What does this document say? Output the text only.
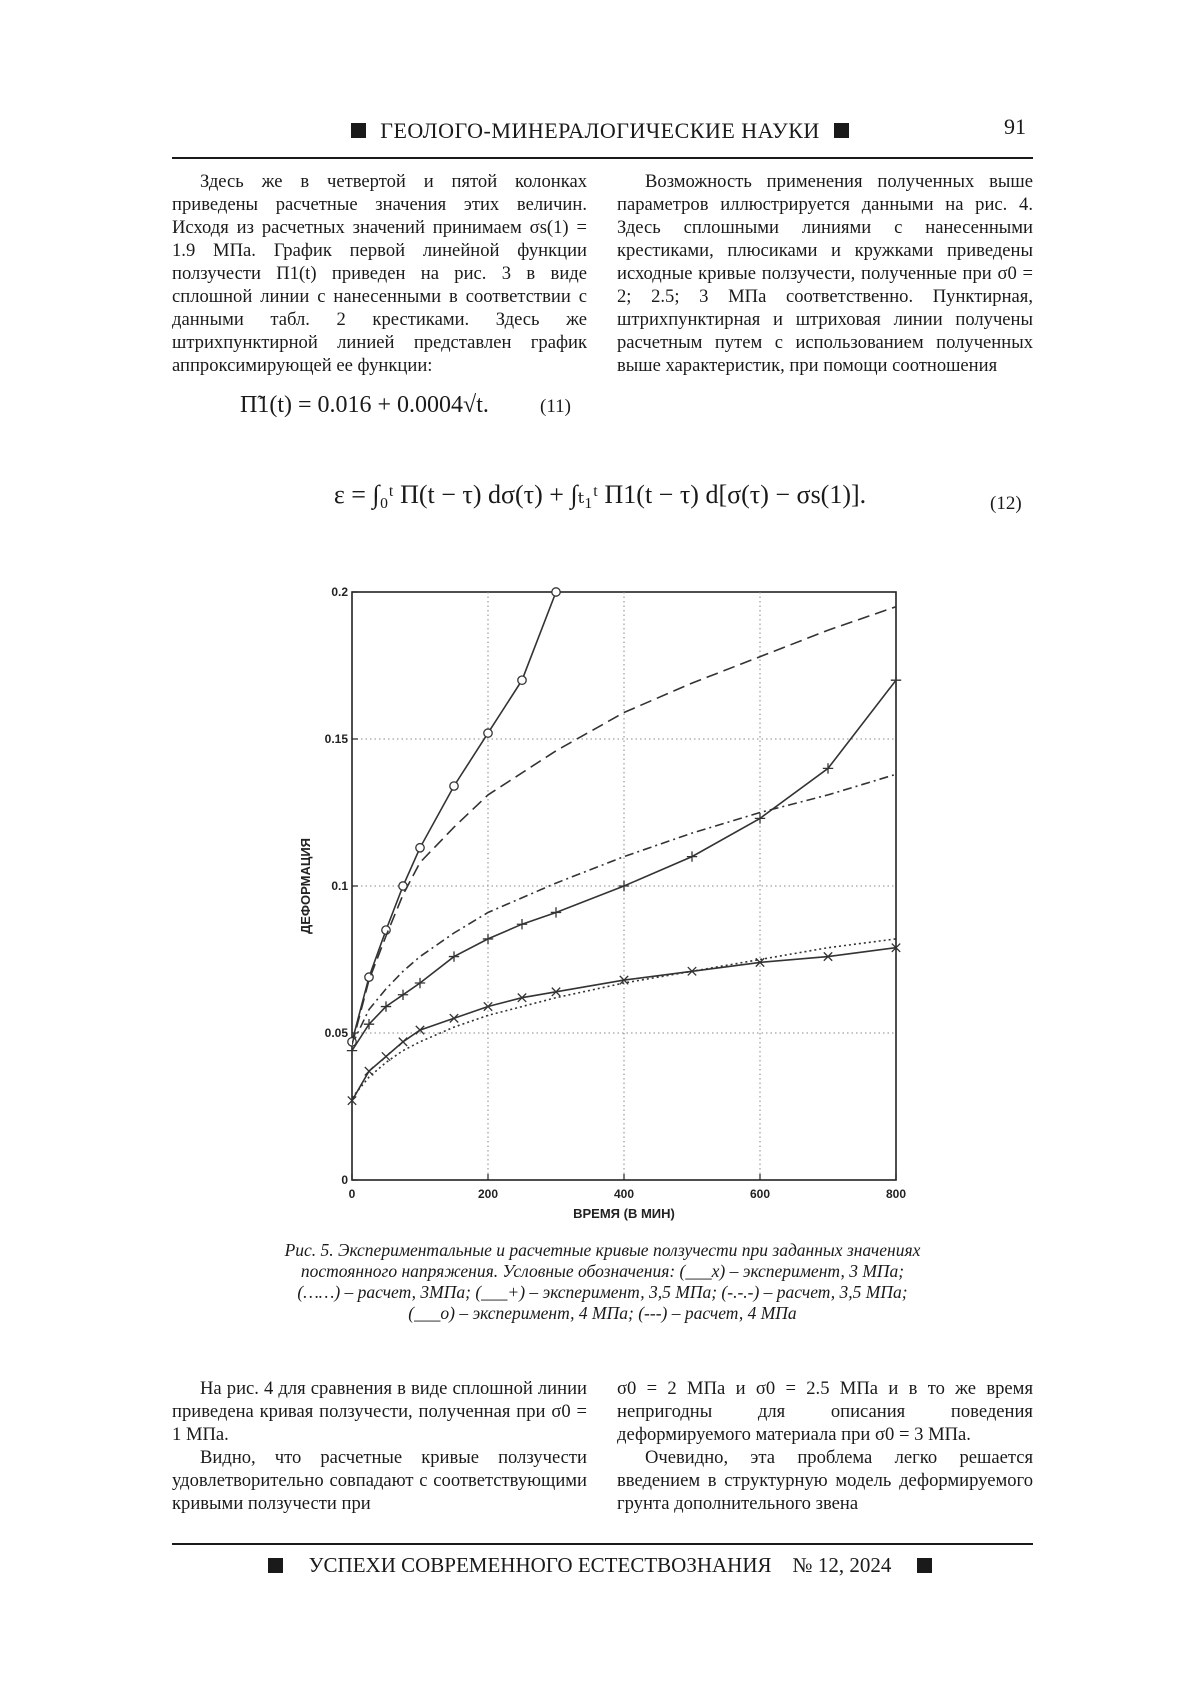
ГЕОЛОГО-МИНЕРАЛОГИЧЕСКИЕ НАУКИ	91

Здесь же в четвертой и пятой колонках приведены расчетные значения этих величин. Исходя из расчетных значений принимаем σs(1) = 1.9 МПа. График первой линейной функции ползучести П1(t) приведен на рис. 3 в виде сплошной линии с нанесенными в соответствии с данными табл. 2 крестиками. Здесь же штрихпунктирной линией представлен график аппроксимирующей ее функции:

П̃1(t) = 0.016 + 0.0004√t.	(11)

Возможность применения полученных выше параметров иллюстрируется данными на рис. 4. Здесь сплошными линиями с нанесенными крестиками, плюсиками и кружками приведены исходные кривые ползучести, полученные при σ0 = 2; 2.5; 3 МПа соответственно. Пунктирная, штрихпунктирная и штриховая линии получены расчетным путем с использованием полученных выше характеристик, при помощи соотношения

ε = ∫₀ᵗ П(t − τ) dσ(τ) + ∫ₜ₁ᵗ П1(t − τ) d[σ(τ) − σs(1)].	(12)
0	200	400	600	800
0
0.05
0.1
0.15
0.2
ВРЕМЯ (В МИН)
ДЕФОРМАЦИЯ
Рис. 5. Экспериментальные и расчетные кривые ползучести при заданных значениях
постоянного напряжения. Условные обозначения: (___x) – эксперимент, 3 МПа;
(……) – расчет, 3МПа; (___+) – эксперимент, 3,5 МПа; (-.-.-) – расчет, 3,5 МПа;
(___o) – эксперимент, 4 МПа; (---) – расчет, 4 МПа

На рис. 4 для сравнения в виде сплошной линии приведена кривая ползучести, полученная при σ0 = 1 МПа.

Видно, что расчетные кривые ползучести удовлетворительно совпадают с соответствующими кривыми ползучести при

σ0 = 2 МПа и σ0 = 2.5 МПа и в то же время непригодны для описания поведения деформируемого материала при σ0 = 3 МПа.

Очевидно, эта проблема легко решается введением в структурную модель деформируемого грунта дополнительного звена

УСПЕХИ СОВРЕМЕННОГО ЕСТЕСТВОЗНАНИЯ № 12, 2024
